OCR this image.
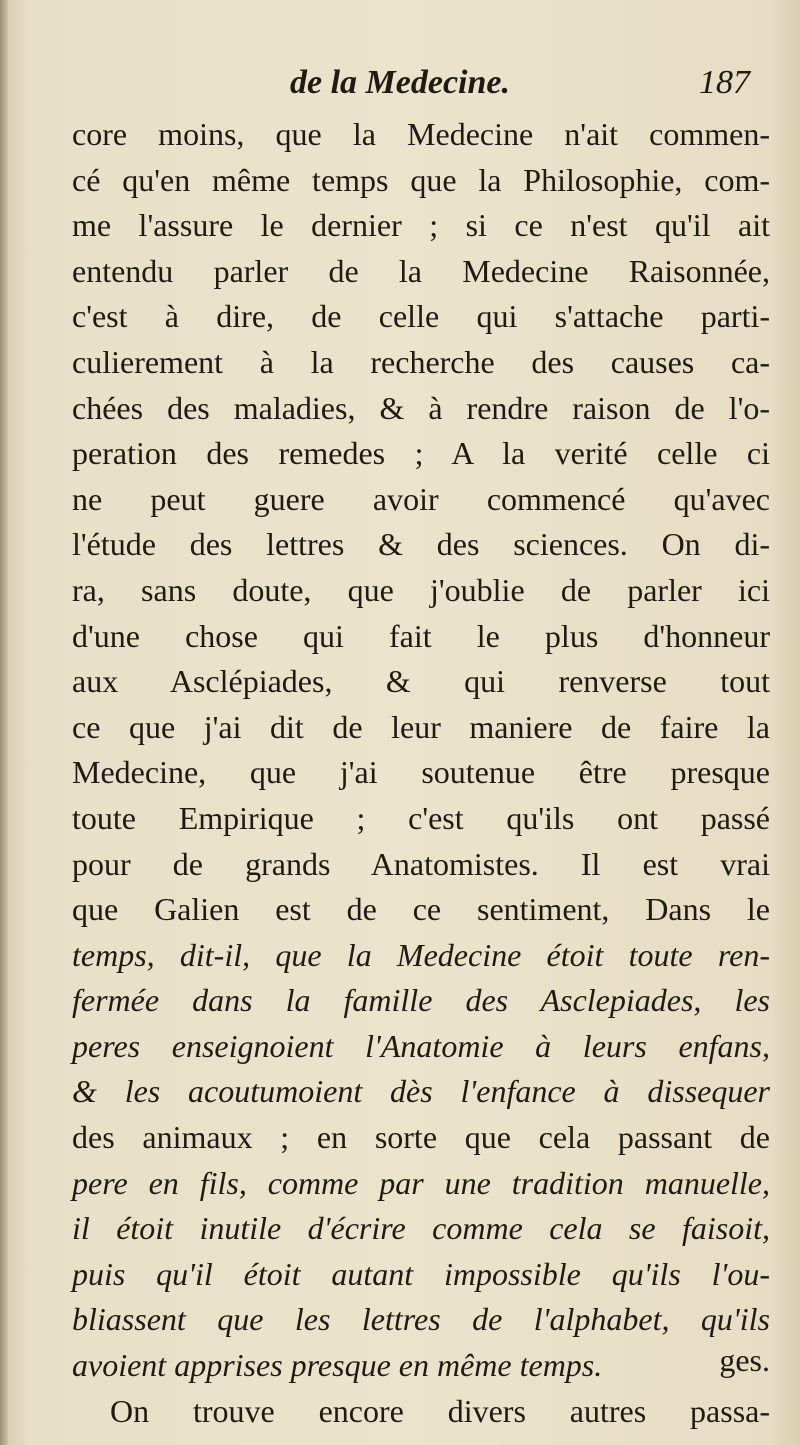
de la Medecine.	187
core moins, que la Medecine n'ait commen-
cé qu'en même temps que la Philosophie, com-
me l'assure le dernier ; si ce n'est qu'il ait
entendu parler de la Medecine Raisonnée,
c'est à dire, de celle qui s'attache parti-
culierement à la recherche des causes ca-
chées des maladies, & à rendre raison de l'o-
peration des remedes ; A la verité celle ci
ne peut guere avoir commencé qu'avec
l'étude des lettres & des sciences. On di-
ra, sans doute, que j'oublie de parler ici
d'une chose qui fait le plus d'honneur
aux Asclépiades, & qui renverse tout
ce que j'ai dit de leur maniere de faire la
Medecine, que j'ai soutenue être presque
toute Empirique ; c'est qu'ils ont passé
pour de grands Anatomistes. Il est vrai
que Galien est de ce sentiment, Dans le
temps, dit-il, que la Medecine étoit toute ren-
fermée dans la famille des Asclepiades, les
peres enseignoient l'Anatomie à leurs enfans,
& les acoutumoient dès l'enfance à dissequer
des animaux ; en sorte que cela passant de
pere en fils, comme par une tradition manuelle,
il étoit inutile d'écrire comme cela se faisoit,
puis qu'il étoit autant impossible qu'ils l'ou-
bliassent que les lettres de l'alphabet, qu'ils
avoient apprises presque en même temps.
On trouve encore divers autres passa-
ges.
